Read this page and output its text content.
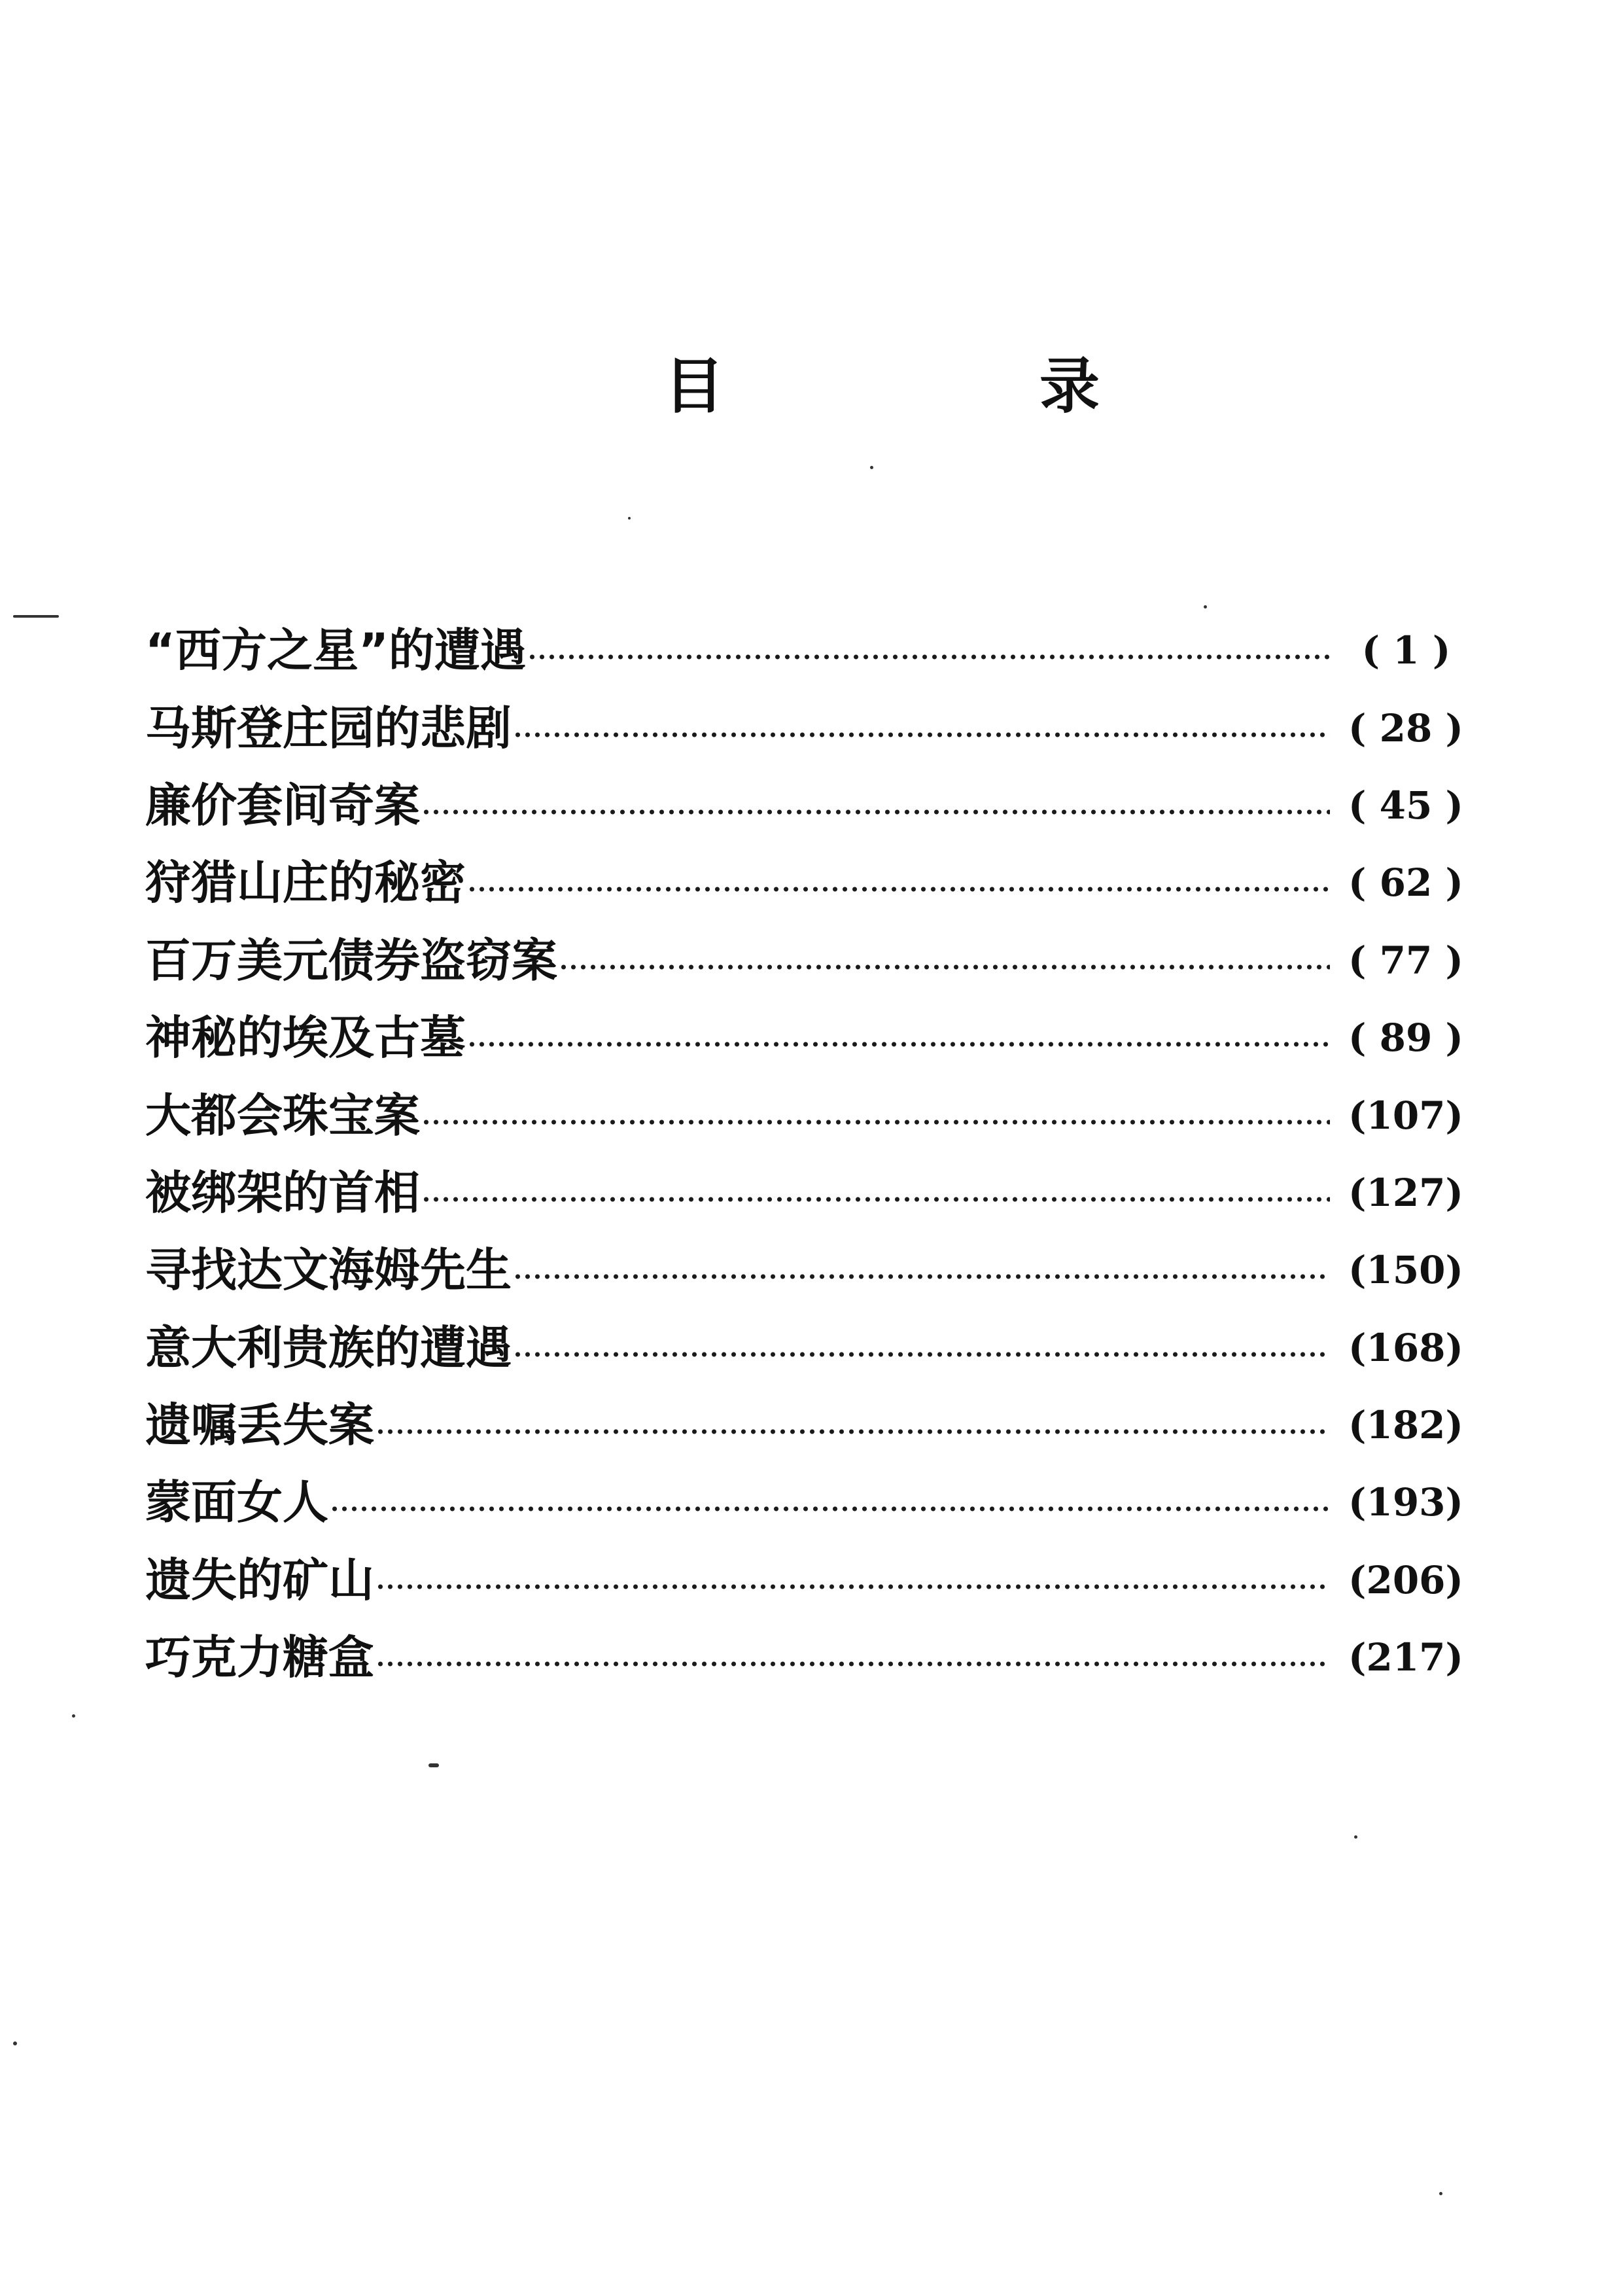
目　录
“西方之星”的遭遇	( 1 )
马斯登庄园的悲剧	( 28 )
廉价套间奇案	( 45 )
狩猎山庄的秘密	( 62 )
百万美元债券盗窃案	( 77 )
神秘的埃及古墓	( 89 )
大都会珠宝案	(107)
被绑架的首相	(127)
寻找达文海姆先生	(150)
意大利贵族的遭遇	(168)
遗嘱丢失案	(182)
蒙面女人	(193)
遗失的矿山	(206)
巧克力糖盒	(217)
